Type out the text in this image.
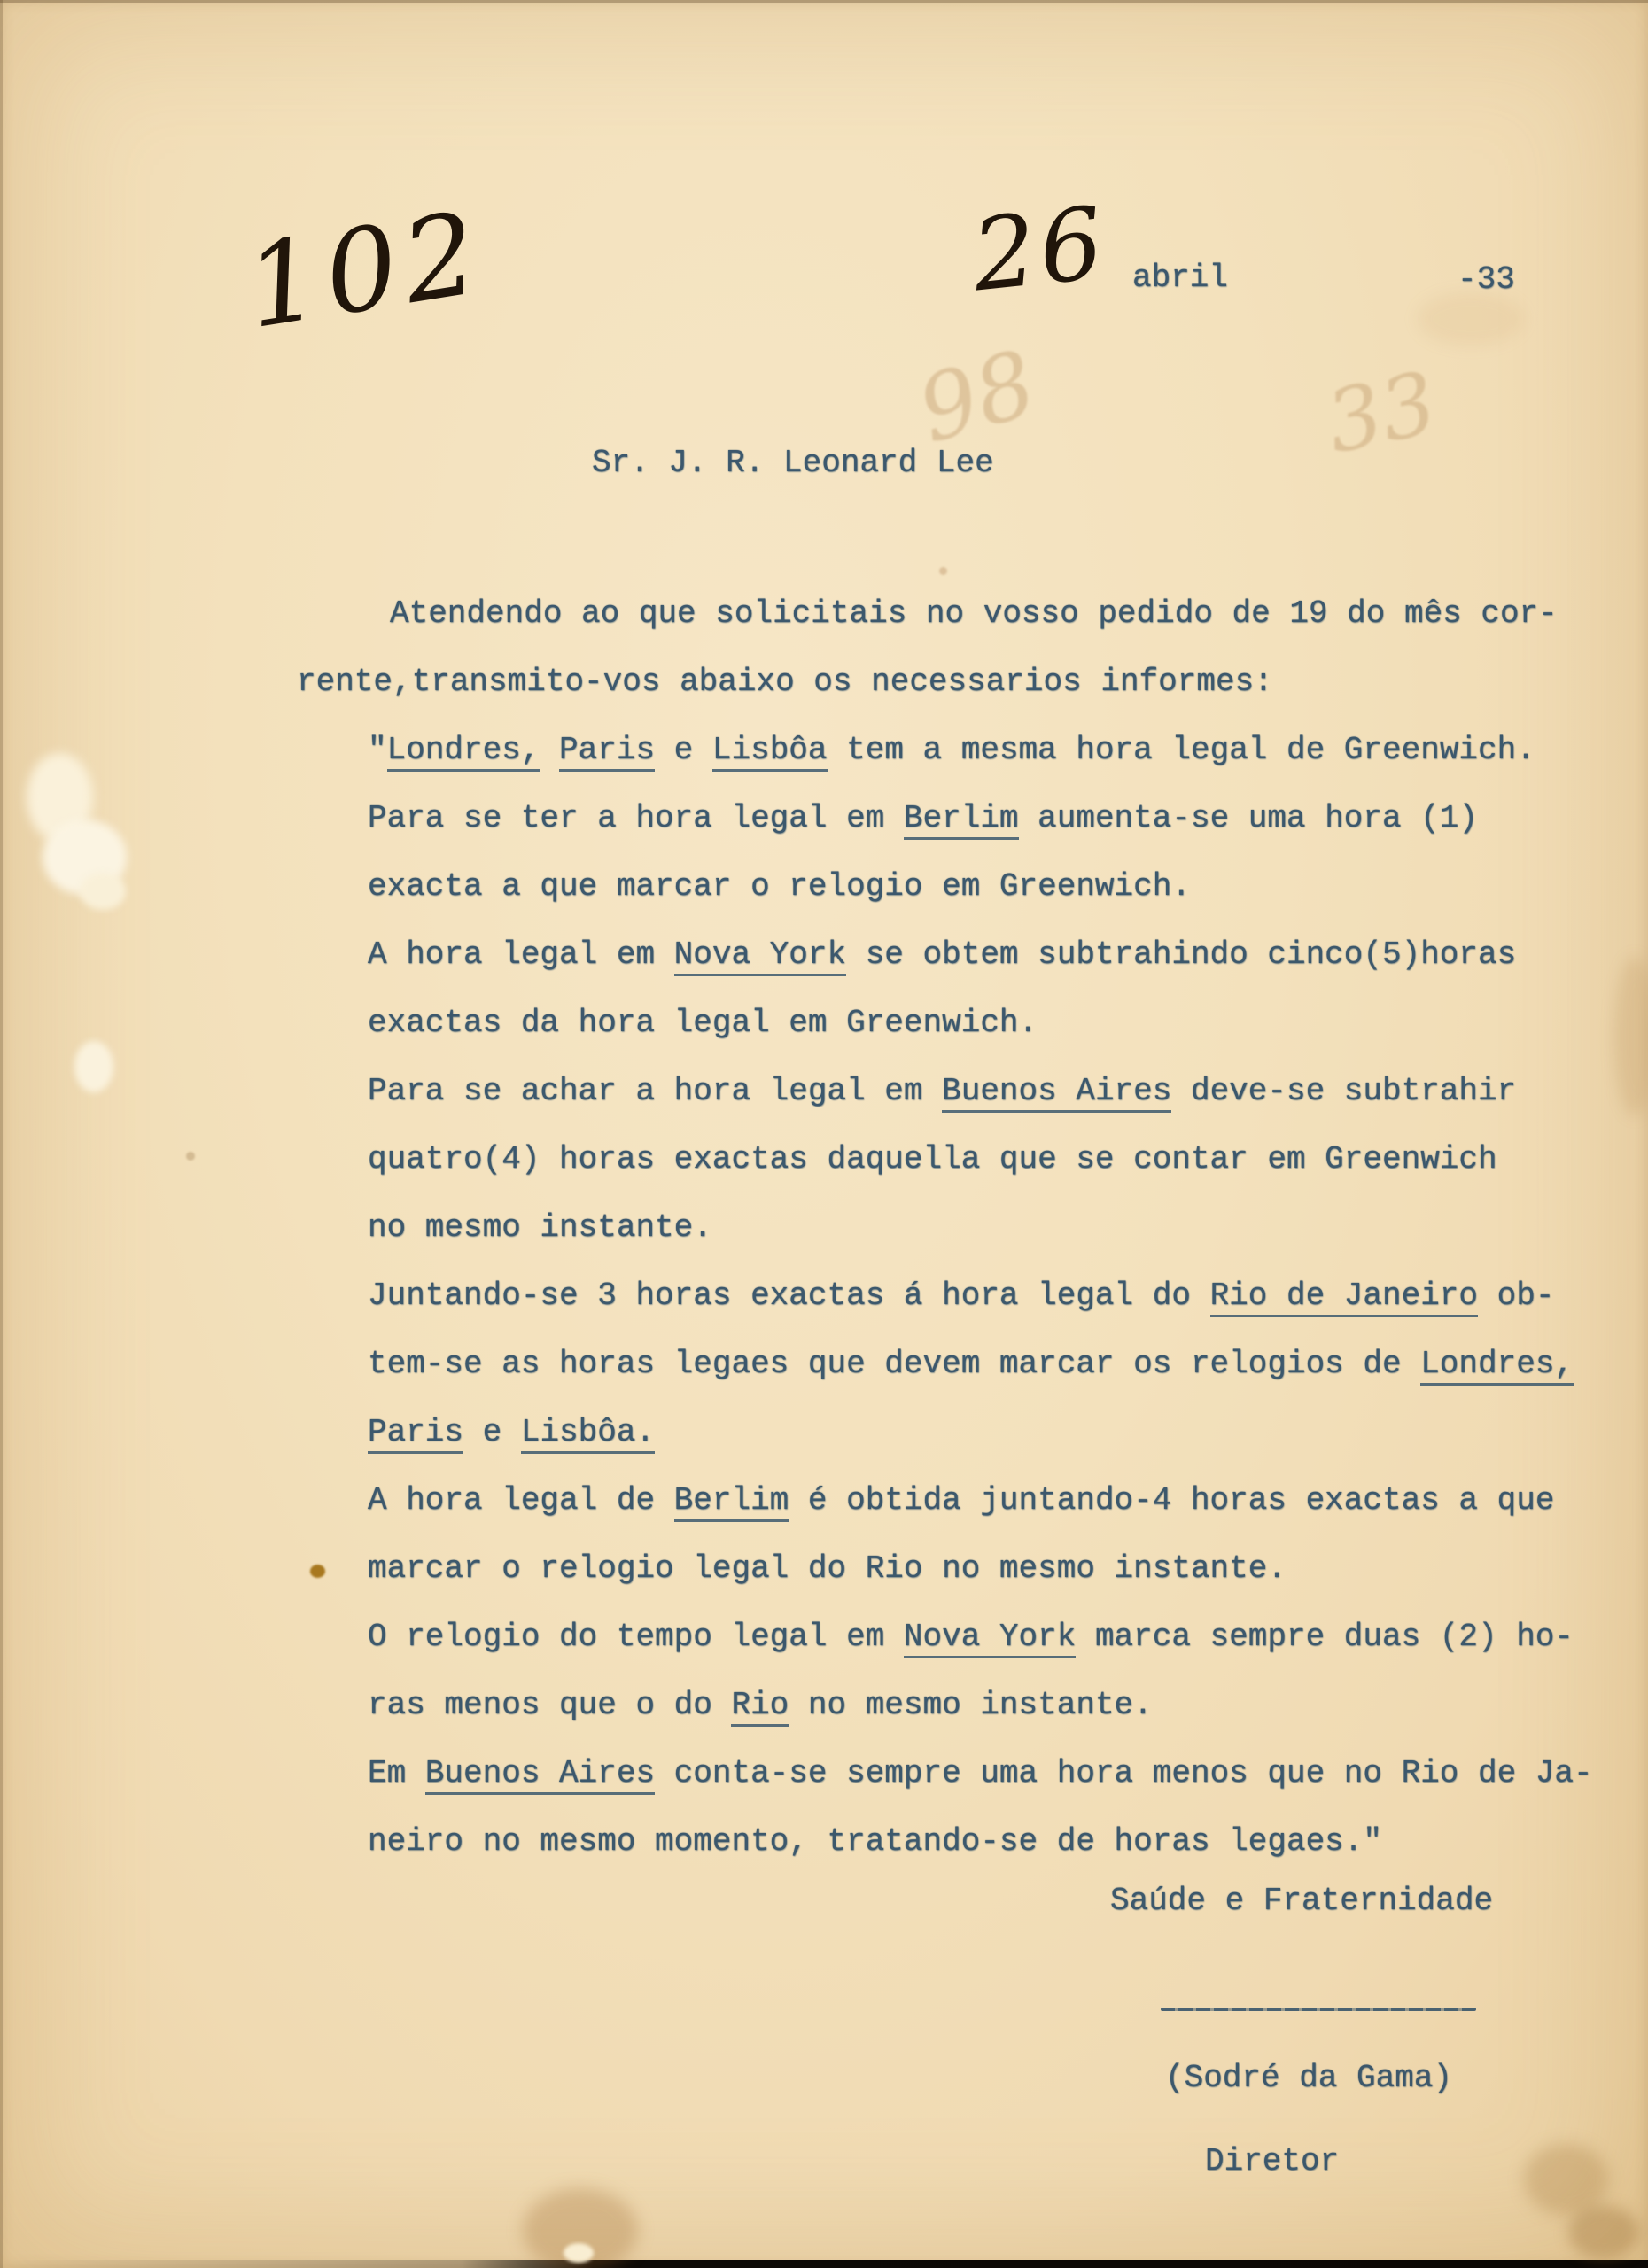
102	26 abril	-33
98	33
Sr. J. R. Leonard Lee
Atendendo ao que solicitais no vosso pedido de 19 do mês cor-
rente,transmito-vos abaixo os necessarios informes:
"Londres, Paris e Lisbôa tem a mesma hora legal de Greenwich.
Para se ter a hora legal em Berlim aumenta-se uma hora (1)
exacta a que marcar o relogio em Greenwich.
A hora legal em Nova York se obtem subtrahindo cinco(5)horas
exactas da hora legal em Greenwich.
Para se achar a hora legal em Buenos Aires deve-se subtrahir
quatro(4) horas exactas daquella que se contar em Greenwich
no mesmo instante.
Juntando-se 3 horas exactas á hora legal do Rio de Janeiro ob-
tem-se as horas legaes que devem marcar os relogios de Londres,
Paris e Lisbôa.
A hora legal de Berlim é obtida juntando-4 horas exactas a que
marcar o relogio legal do Rio no mesmo instante.
O relogio do tempo legal em Nova York marca sempre duas (2) ho-
ras menos que o do Rio no mesmo instante.
Em Buenos Aires conta-se sempre uma hora menos que no Rio de Ja-
neiro no mesmo momento, tratando-se de horas legaes."
Saúde e Fraternidade
(Sodré da Gama)
Diretor
